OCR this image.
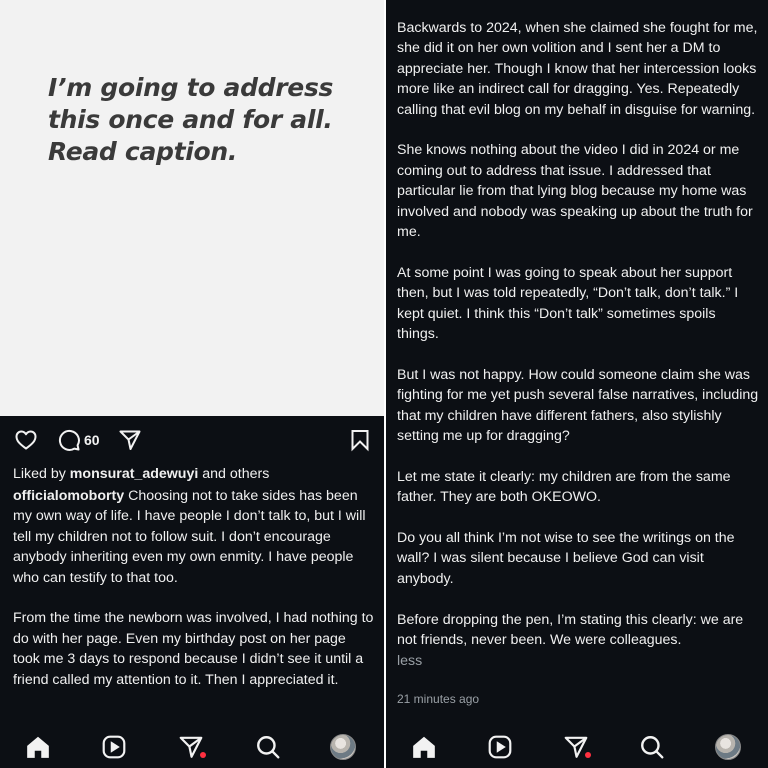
I’m going to address this once and for all. Read caption.
60
Liked by monsurat_adewuyi and others

officialomoborty Choosing not to take sides has been my own way of life. I have people I don’t talk to, but I will tell my children not to follow suit. I don’t encourage anybody inheriting even my own enmity. I have people who can testify to that too.

From the time the newborn was involved, I had nothing to do with her page. Even my birthday post on her page took me 3 days to respond because I didn’t see it until a friend called my attention to it. Then I appreciated it.

Backwards to 2024, when she claimed she fought for me, she did it on her own volition and I sent her a DM to appreciate her. Though I know that her intercession looks more like an indirect call for dragging. Yes. Repeatedly calling that evil blog on my behalf in disguise for warning.

She knows nothing about the video I did in 2024 or me coming out to address that issue. I addressed that particular lie from that lying blog because my home was involved and nobody was speaking up about the truth for me.

At some point I was going to speak about her support then, but I was told repeatedly, “Don’t talk, don’t talk.” I kept quiet. I think this “Don’t talk” sometimes spoils things.

But I was not happy. How could someone claim she was fighting for me yet push several false narratives, including that my children have different fathers, also stylishly setting me up for dragging?

Let me state it clearly: my children are from the same father. They are both OKEOWO.

Do you all think I’m not wise to see the writings on the wall? I was silent because I believe God can visit anybody.

Before dropping the pen, I’m stating this clearly: we are not friends, never been. We were colleagues.
less

21 minutes ago
